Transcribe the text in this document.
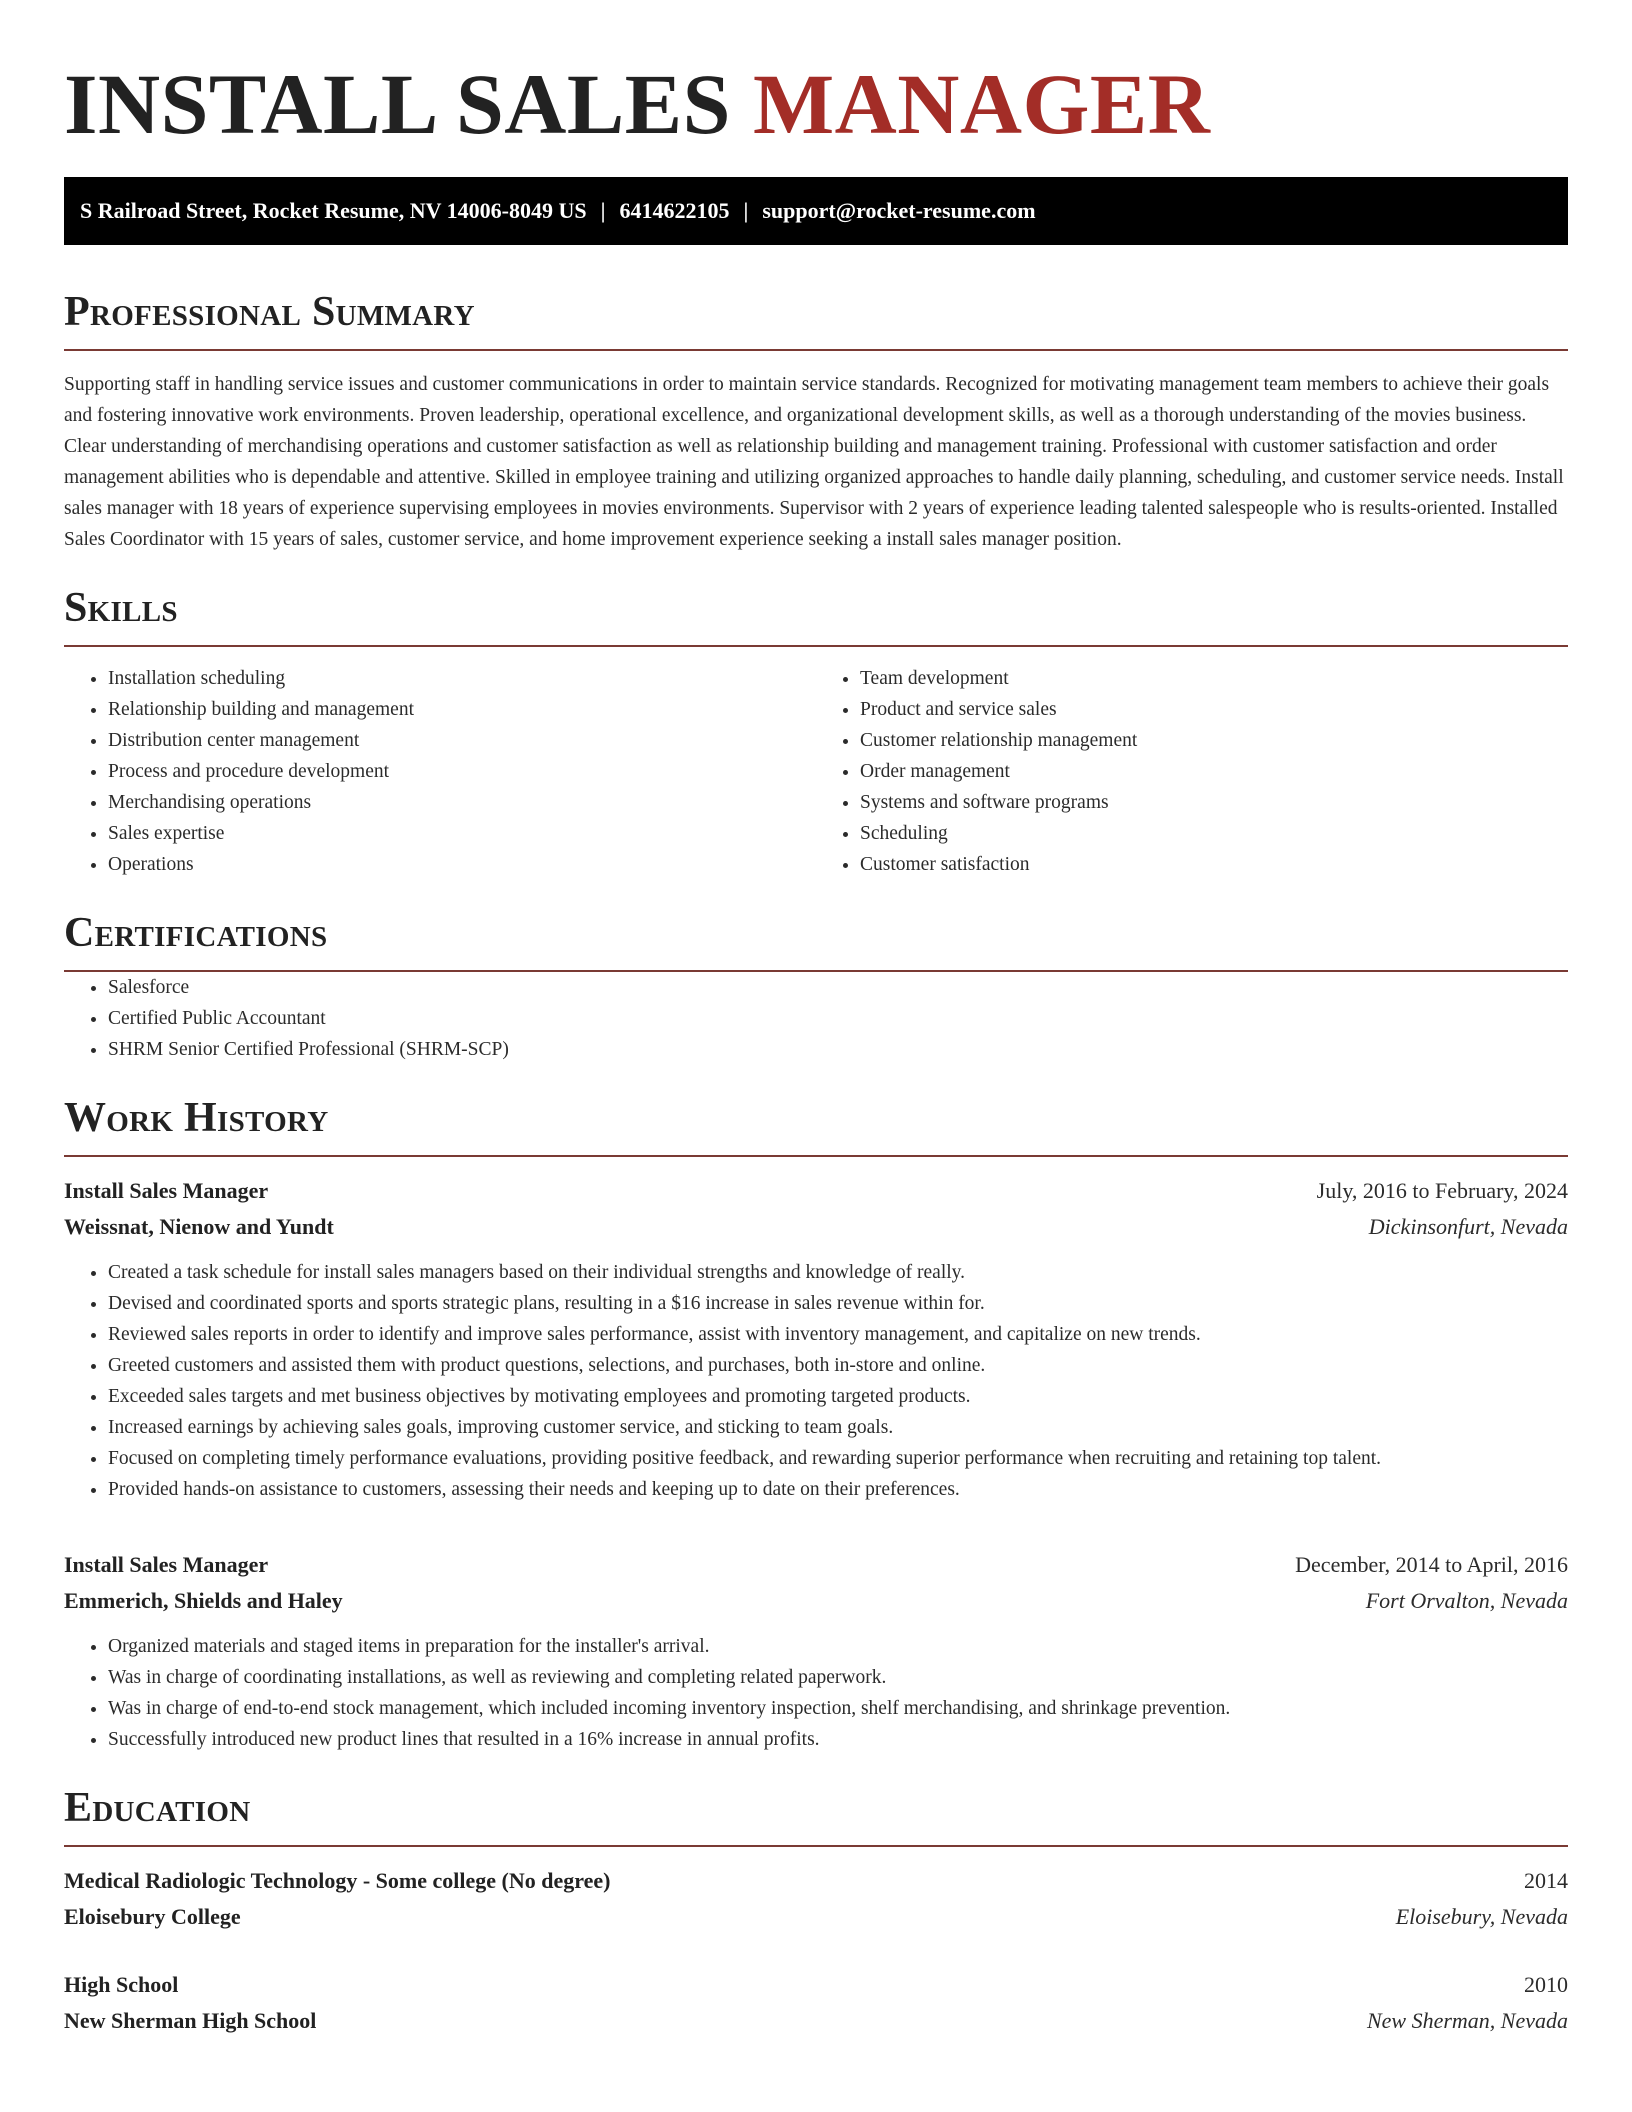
INSTALL SALES MANAGER
S Railroad Street, Rocket Resume, NV 14006-8049 US | 6414622105 | support@rocket-resume.com
Professional Summary

Supporting staff in handling service issues and customer communications in order to maintain service standards. Recognized for motivating management team members to achieve their goals and fostering innovative work environments. Proven leadership, operational excellence, and organizational development skills, as well as a thorough understanding of the movies business. Clear understanding of merchandising operations and customer satisfaction as well as relationship building and management training. Professional with customer satisfaction and order management abilities who is dependable and attentive. Skilled in employee training and utilizing organized approaches to handle daily planning, scheduling, and customer service needs. Install sales manager with 18 years of experience supervising employees in movies environments. Supervisor with 2 years of experience leading talented salespeople who is results-oriented. Installed Sales Coordinator with 15 years of sales, customer service, and home improvement experience seeking a install sales manager position.

Skills
• Installation scheduling
• Relationship building and management
• Distribution center management
• Process and procedure development
• Merchandising operations
• Sales expertise
• Operations
• Team development
• Product and service sales
• Customer relationship management
• Order management
• Systems and software programs
• Scheduling
• Customer satisfaction
Certifications
• Salesforce
• Certified Public Accountant
• SHRM Senior Certified Professional (SHRM-SCP)
Work History
Install Sales Manager	July, 2016 to February, 2024
Weissnat, Nienow and Yundt	Dickinsonfurt, Nevada
• Created a task schedule for install sales managers based on their individual strengths and knowledge of really.
• Devised and coordinated sports and sports strategic plans, resulting in a $16 increase in sales revenue within for.
• Reviewed sales reports in order to identify and improve sales performance, assist with inventory management, and capitalize on new trends.
• Greeted customers and assisted them with product questions, selections, and purchases, both in-store and online.
• Exceeded sales targets and met business objectives by motivating employees and promoting targeted products.
• Increased earnings by achieving sales goals, improving customer service, and sticking to team goals.
• Focused on completing timely performance evaluations, providing positive feedback, and rewarding superior performance when recruiting and retaining top talent.
• Provided hands-on assistance to customers, assessing their needs and keeping up to date on their preferences.
Install Sales Manager	December, 2014 to April, 2016
Emmerich, Shields and Haley	Fort Orvalton, Nevada
• Organized materials and staged items in preparation for the installer's arrival.
• Was in charge of coordinating installations, as well as reviewing and completing related paperwork.
• Was in charge of end-to-end stock management, which included incoming inventory inspection, shelf merchandising, and shrinkage prevention.
• Successfully introduced new product lines that resulted in a 16% increase in annual profits.
Education
Medical Radiologic Technology - Some college (No degree)	2014
Eloisebury College	Eloisebury, Nevada
High School	2010
New Sherman High School	New Sherman, Nevada
